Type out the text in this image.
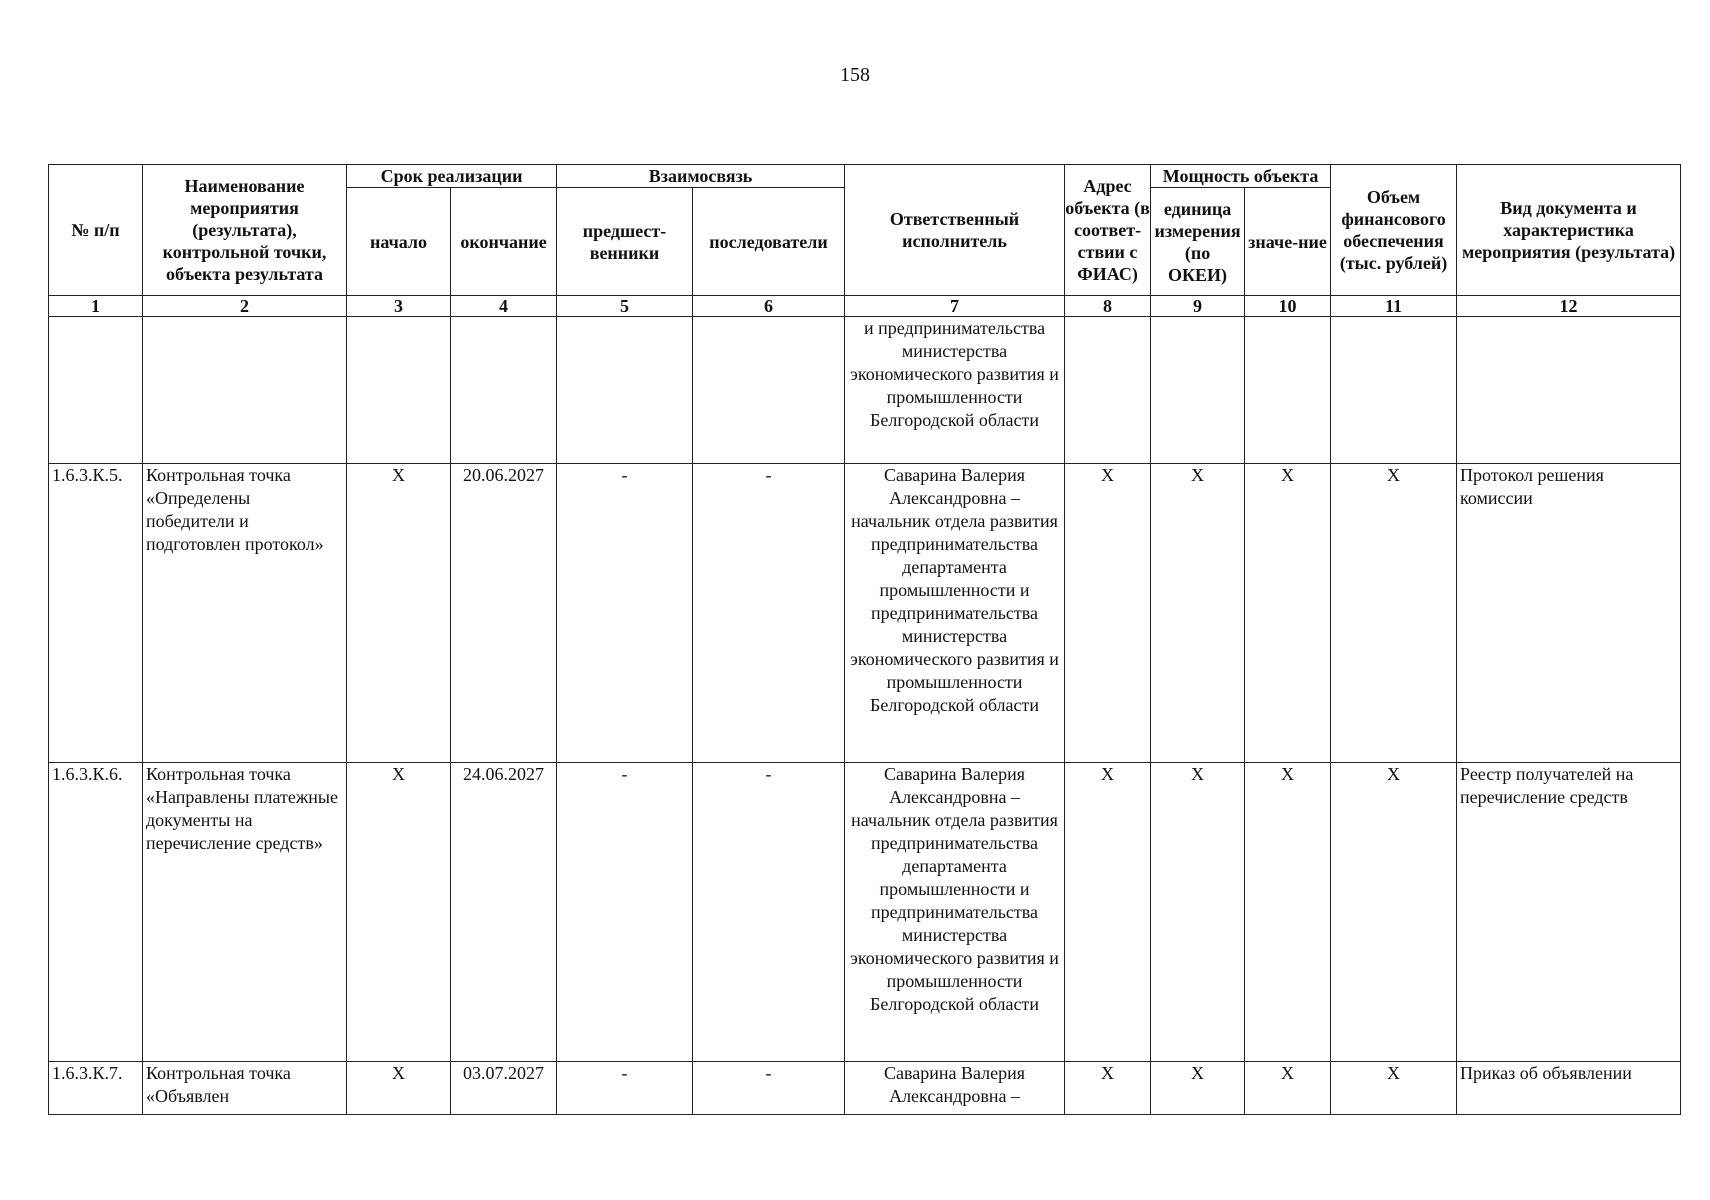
158
№ п/п	Наименование мероприятия (результата), контрольной точки, объекта результата	Срок реализации		Взаимосвязь		Ответственный исполнитель	Адрес объекта (в соответ-ствии с ФИАС)	Мощность объекта		Объем финансового обеспечения (тыс. рублей)	Вид документа и характеристика мероприятия (результата)
		начало	окончание	предшест-венники	последователи			единица измерения (по ОКЕИ)	значе-ние		
1	2	3	4	5	6	7	8	9	10	11	12
						и предпринимательства министерства экономического развития и промышленности Белгородской области					
1.6.3.К.5.	Контрольная точка «Определены победители и подготовлен протокол»	X	20.06.2027	-	-	Саварина Валерия Александровна – начальник отдела развития предпринимательства департамента промышленности и предпринимательства министерства экономического развития и промышленности Белгородской области	X	X	X	X	Протокол решения комиссии
1.6.3.К.6.	Контрольная точка «Направлены платежные документы на перечисление средств»	X	24.06.2027	-	-	Саварина Валерия Александровна – начальник отдела развития предпринимательства департамента промышленности и предпринимательства министерства экономического развития и промышленности Белгородской области	X	X	X	X	Реестр получателей на перечисление средств
1.6.3.К.7.	Контрольная точка «Объявлен	X	03.07.2027	-	-	Саварина Валерия Александровна –	X	X	X	X	Приказ об объявлении
